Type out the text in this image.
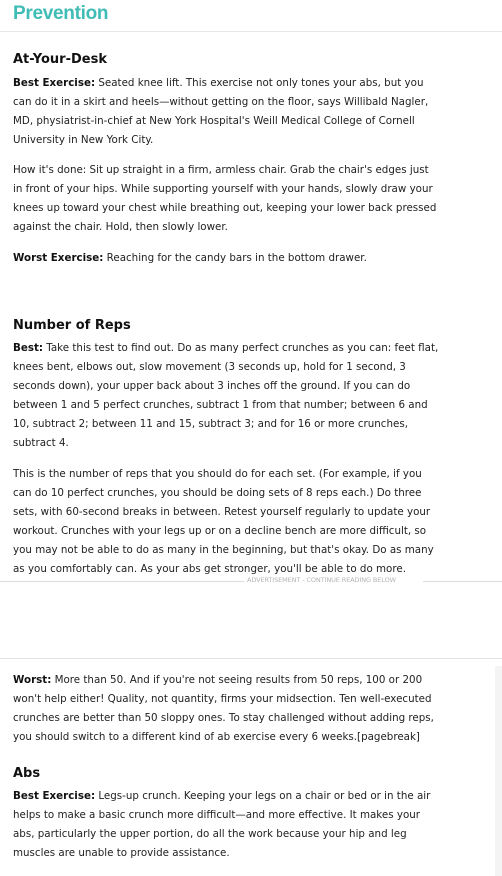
Prevention
At-Your-Desk

Best Exercise: Seated knee lift. This exercise not only tones your abs, but you can do it in a skirt and heels—without getting on the floor, says Willibald Nagler, MD, physiatrist-in-chief at New York Hospital's Weill Medical College of Cornell University in New York City.

How it's done: Sit up straight in a firm, armless chair. Grab the chair's edges just in front of your hips. While supporting yourself with your hands, slowly draw your knees up toward your chest while breathing out, keeping your lower back pressed against the chair. Hold, then slowly lower.

Worst Exercise: Reaching for the candy bars in the bottom drawer.

Number of Reps

Best: Take this test to find out. Do as many perfect crunches as you can: feet flat, knees bent, elbows out, slow movement (3 seconds up, hold for 1 second, 3 seconds down), your upper back about 3 inches off the ground. If you can do between 1 and 5 perfect crunches, subtract 1 from that number; between 6 and 10, subtract 2; between 11 and 15, subtract 3; and for 16 or more crunches, subtract 4.

This is the number of reps that you should do for each set. (For example, if you can do 10 perfect crunches, you should be doing sets of 8 reps each.) Do three sets, with 60-second breaks in between. Retest yourself regularly to update your workout. Crunches with your legs up or on a decline bench are more difficult, so you may not be able to do as many in the beginning, but that's okay. Do as many as you comfortably can. As your abs get stronger, you'll be able to do more.

ADVERTISEMENT - CONTINUE READING BELOW

Worst: More than 50. And if you're not seeing results from 50 reps, 100 or 200 won't help either! Quality, not quantity, firms your midsection. Ten well-executed crunches are better than 50 sloppy ones. To stay challenged without adding reps, you should switch to a different kind of ab exercise every 6 weeks.[pagebreak]

Abs

Best Exercise: Legs-up crunch. Keeping your legs on a chair or bed or in the air helps to make a basic crunch more difficult—and more effective. It makes your abs, particularly the upper portion, do all the work because your hip and leg muscles are unable to provide assistance.
